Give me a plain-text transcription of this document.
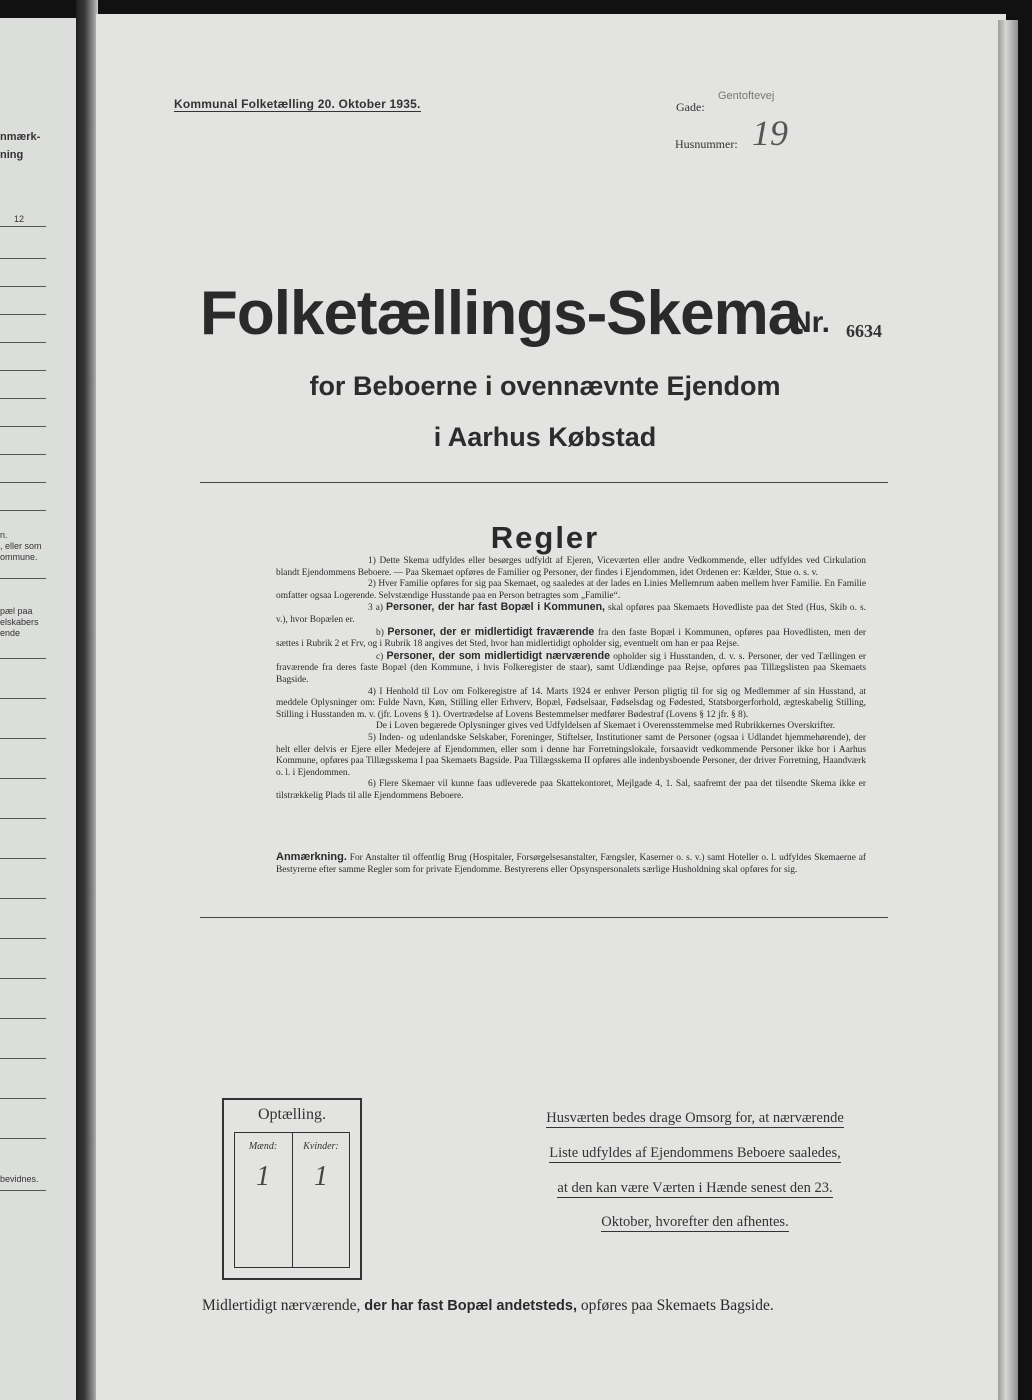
nmærk-
ning
12
n.
, eller som
ommune.
pæl paa
elskabers
ende
bevidnes.
Kommunal Folketælling 20. Oktober 1935.	Gade:
Gentoftevej
Husnummer: 19
Folketællings-Skema
Nr. 6634
for Beboerne i ovennævnte Ejendom
i Aarhus Købstad
Regler

1) Dette Skema udfyldes eller besørges udfyldt af Ejeren, Viceværten eller andre Vedkommende, eller udfyldes ved Cirkulation blandt Ejendommens Beboere. — Paa Skemaet opføres de Familier og Personer, der findes i Ejendommen, idet Ordenen er: Kælder, Stue o. s. v.

2) Hver Familie opføres for sig paa Skemaet, og saaledes at der lades en Linies Mellemrum aaben mellem hver Familie. En Familie omfatter ogsaa Logerende. Selvstændige Husstande paa en Person betragtes som „Familie“.

3 a) Personer, der har fast Bopæl i Kommunen, skal opføres paa Skemaets Hovedliste paa det Sted (Hus, Skib o. s. v.), hvor Bopælen er.

b) Personer, der er midlertidigt fraværende fra den faste Bopæl i Kommunen, opføres paa Hovedlisten, men der sættes i Rubrik 2 et Frv, og i Rubrik 18 angives det Sted, hvor han midlertidigt opholder sig, eventuelt om han er paa Rejse.

c) Personer, der som midlertidigt nærværende opholder sig i Husstanden, d. v. s. Personer, der ved Tællingen er fraværende fra deres faste Bopæl (den Kommune, i hvis Folkeregister de staar), samt Udlændinge paa Rejse, opføres paa Tillægslisten paa Skemaets Bagside.

4) I Henhold til Lov om Folkeregistre af 14. Marts 1924 er enhver Person pligtig til for sig og Medlemmer af sin Husstand, at meddele Oplysninger om: Fulde Navn, Køn, Stilling eller Erhverv, Bopæl, Fødselsaar, Fødselsdag og Fødested, Statsborgerforhold, ægteskabelig Stilling, Stilling i Husstanden m. v. (jfr. Lovens § 1). Overtrædelse af Lovens Bestemmelser medfører Bødestraf (Lovens § 12 jfr. § 8).

De i Loven begærede Oplysninger gives ved Udfyldelsen af Skemaet i Overensstemmelse med Rubrikkernes Overskrifter.

5) Inden- og udenlandske Selskaber, Foreninger, Stiftelser, Institutioner samt de Personer (ogsaa i Udlandet hjemmehørende), der helt eller delvis er Ejere eller Medejere af Ejendommen, eller som i denne har Forretningslokale, forsaavidt vedkommende Personer ikke bor i Aarhus Kommune, opføres paa Tillægsskema I paa Skemaets Bagside. Paa Tillægsskema II opføres alle indenbysboende Personer, der driver Forretning, Haandværk o. l. i Ejendommen.

6) Flere Skemaer vil kunne faas udleverede paa Skattekontoret, Mejlgade 4, 1. Sal, saafremt der paa det tilsendte Skema ikke er tilstrækkelig Plads til alle Ejendommens Beboere.

Anmærkning. For Anstalter til offentlig Brug (Hospitaler, Forsørgelsesanstalter, Fængsler, Kaserner o. s. v.) samt Hoteller o. l. udfyldes Skemaerne af Bestyrerne efter samme Regler som for private Ejendomme. Bestyrerens eller Opsynspersonalets særlige Husholdning skal opføres for sig.
Optælling.
Mænd:	Kvinder:
1	1
Husværten bedes drage Omsorg for, at nærværende
Liste udfyldes af Ejendommens Beboere saaledes,
at den kan være Værten i Hænde senest den 23.
Oktober, hvorefter den afhentes.
Midlertidigt nærværende, der har fast Bopæl andetsteds, opføres paa Skemaets Bagside.
